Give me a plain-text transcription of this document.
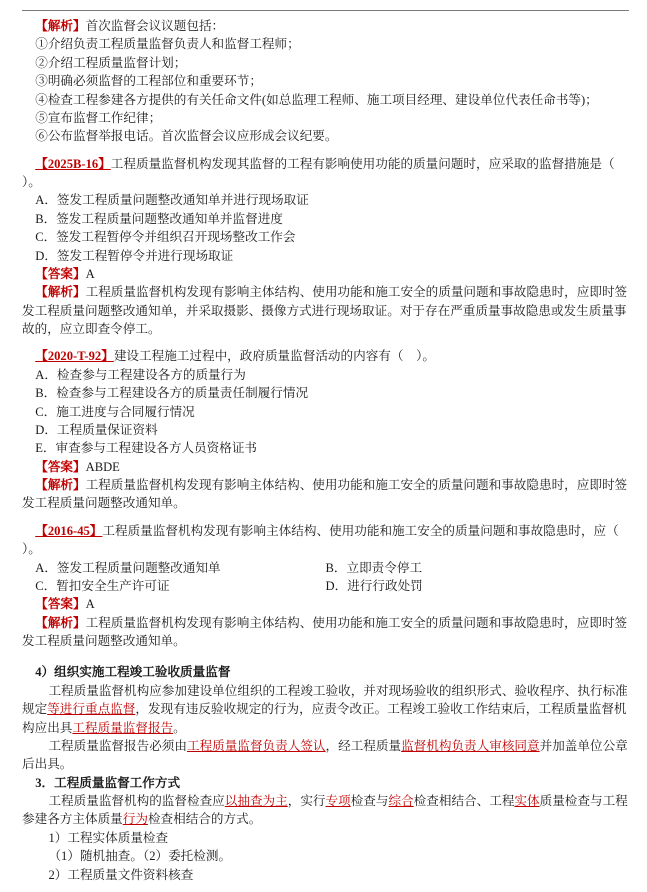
【解析】首次监督会议议题包括：

①介绍负责工程质量监督负责人和监督工程师；

②介绍工程质量监督计划；

③明确必须监督的工程部位和重要环节；

④检查工程参建各方提供的有关任命文件(如总监理工程师、施工项目经理、建设单位代表任命书等)；

⑤宣布监督工作纪律；

⑥公布监督举报电话。首次监督会议应形成会议纪要。

【2025B-16】工程质量监督机构发现其监督的工程有影响使用功能的质量问题时，应采取的监督措施是（   ）。

A．签发工程质量问题整改通知单并进行现场取证

B．签发工程质量问题整改通知单并监督进度

C．签发工程暂停令并组织召开现场整改工作会

D．签发工程暂停令并进行现场取证

【答案】A

【解析】工程质量监督机构发现有影响主体结构、使用功能和施工安全的质量问题和事故隐患时，应即时签发工程质量问题整改通知单，并采取摄影、摄像方式进行现场取证。对于存在严重质量事故隐患或发生质量事故的，应立即查令停工。

【2020-T-92】建设工程施工过程中，政府质量监督活动的内容有（    ）。

A．检查参与工程建设各方的质量行为

B．检查参与工程建设各方的质量责任制履行情况

C．施工进度与合同履行情况

D．工程质量保证资料

E．审查参与工程建设各方人员资格证书

【答案】ABDE

【解析】工程质量监督机构发现有影响主体结构、使用功能和施工安全的质量问题和事故隐患时，应即时签发工程质量问题整改通知单。

【2016-45】工程质量监督机构发现有影响主体结构、使用功能和施工安全的质量问题和事故隐患时，应（   ）。

A．签发工程质量问题整改通知单	B．立即责令停工

C．暂扣安全生产许可证	D．进行行政处罚

【答案】A

【解析】工程质量监督机构发现有影响主体结构、使用功能和施工安全的质量问题和事故隐患时，应即时签发工程质量问题整改通知单。

4）组织实施工程竣工验收质量监督

工程质量监督机构应参加建设单位组织的工程竣工验收，并对现场验收的组织形式、验收程序、执行标准规定等进行重点监督，发现有违反验收规定的行为，应责令改正。工程竣工验收工作结束后，工程质量监督机构应出具工程质量监督报告。

工程质量监督报告必须由工程质量监督负责人签认，经工程质量监督机构负责人审核同意并加盖单位公章后出具。

3．工程质量监督工作方式

工程质量监督机构的监督检查应以抽查为主，实行专项检查与综合检查相结合、工程实体质量检查与工程参建各方主体质量行为检查相结合的方式。

1）工程实体质量检查

（1）随机抽查。（2）委托检测。

2）工程质量文件资料核查
